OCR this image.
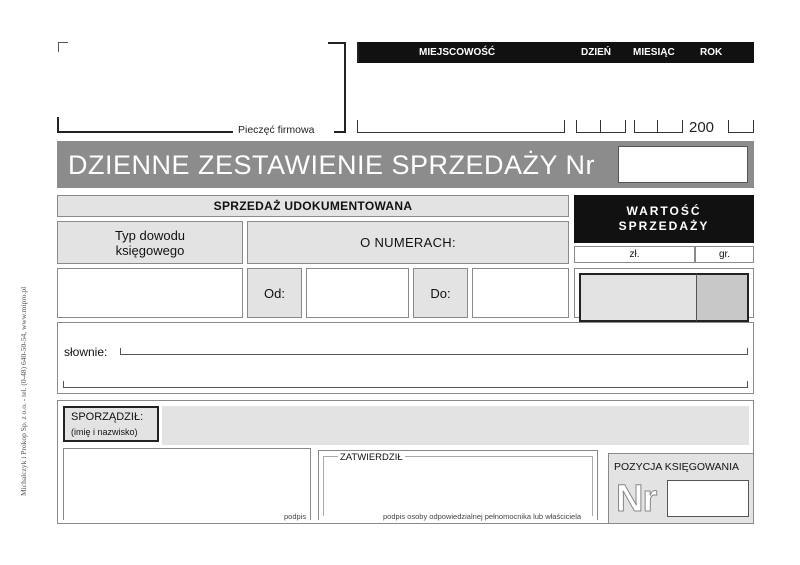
Michalczyk i Prokop Sp. z o.o. - tel. (0-48) 640-50-54, www.mipro.pl
Pieczęć firmowa
MIEJSCOWOŚĆ	DZIEŃ MIESIĄC	ROK
200
DZIENNE ZESTAWIENIE SPRZEDAŻY Nr
SPRZEDAŻ UDOKUMENTOWANA	WARTOŚĆ SPRZEDAŻY
zł.	gr.
Typ dowodu księgowego	O NUMERACH:
Od:	Do:
słownie:
SPORZĄDZIŁ:
(imię i nazwisko)
podpis
ZATWIERDZIŁ
podpis osoby odpowiedzialnej pełnomocnika lub właściciela
POZYCJA KSIĘGOWANIA
Nr
